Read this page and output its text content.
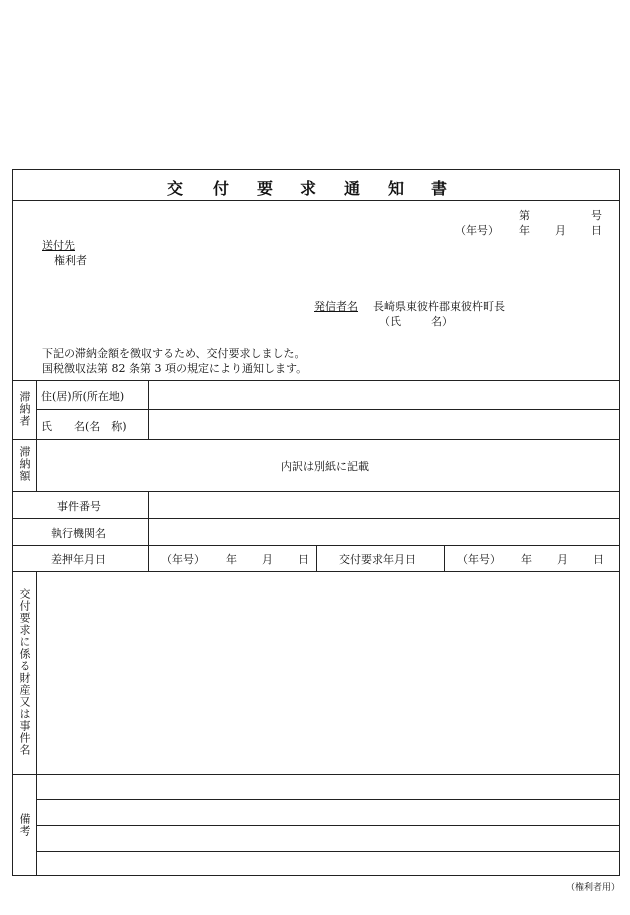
交 付 要 求 通 知 書
第	号
（年号） 年 月 日
送付先
権利者
発信者名 長崎県東彼杵郡東彼杵町長
（氏	名）
下記の滞納金額を徴収するため、交付要求しました。
国税徴収法第 82 条第 3 項の規定により通知します。
滞納者 住(居)所(所在地)
氏　　名(名　称)
滞納額	内訳は別紙に記載
事件番号
執行機関名
差押年月日	（年号） 年 月 日	交付要求年月日	（年号） 年 月 日
交付要求に係る財産又は事件名
備考
（権利者用）
